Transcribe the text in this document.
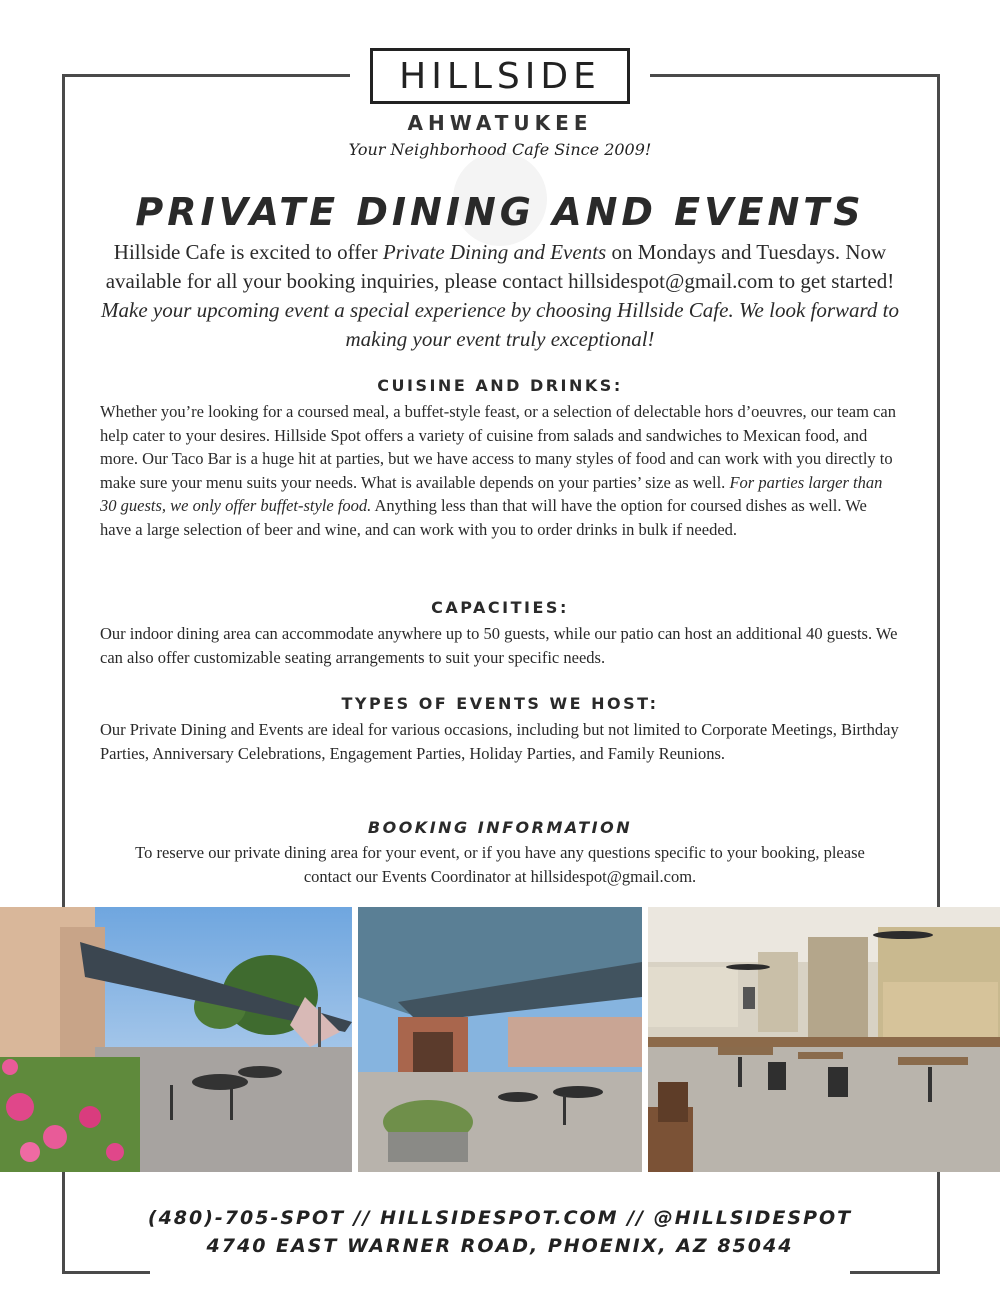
HILLSIDE
AHWATUKEE
Your Neighborhood Cafe Since 2009!
PRIVATE DINING AND EVENTS
Hillside Cafe is excited to offer Private Dining and Events on Mondays and Tuesdays. Now available for all your booking inquiries, please contact hillsidespot@gmail.com to get started! Make your upcoming event a special experience by choosing Hillside Cafe. We look forward to making your event truly exceptional!
CUISINE AND DRINKS:
Whether you’re looking for a coursed meal, a buffet-style feast, or a selection of delectable hors d’oeuvres, our team can help cater to your desires. Hillside Spot offers a variety of cuisine from salads and sandwiches to Mexican food, and more. Our Taco Bar is a huge hit at parties, but we have access to many styles of food and can work with you directly to make sure your menu suits your needs. What is available depends on your parties’ size as well. For parties larger than 30 guests, we only offer buffet-style food. Anything less than that will have the option for coursed dishes as well. We have a large selection of beer and wine, and can work with you to order drinks in bulk if needed.
CAPACITIES:
Our indoor dining area can accommodate anywhere up to 50 guests, while our patio can host an additional 40 guests. We can also offer customizable seating arrangements to suit your specific needs.
TYPES OF EVENTS WE HOST:
Our Private Dining and Events are ideal for various occasions, including but not limited to Corporate Meetings, Birthday Parties, Anniversary Celebrations, Engagement Parties, Holiday Parties, and Family Reunions.
BOOKING INFORMATION
To reserve our private dining area for your event, or if you have any questions specific to your booking, please contact our Events Coordinator at hillsidespot@gmail.com.
(480)-705-SPOT // HILLSIDESPOT.COM // @HILLSIDESPOT
4740 EAST WARNER ROAD, PHOENIX, AZ 85044
